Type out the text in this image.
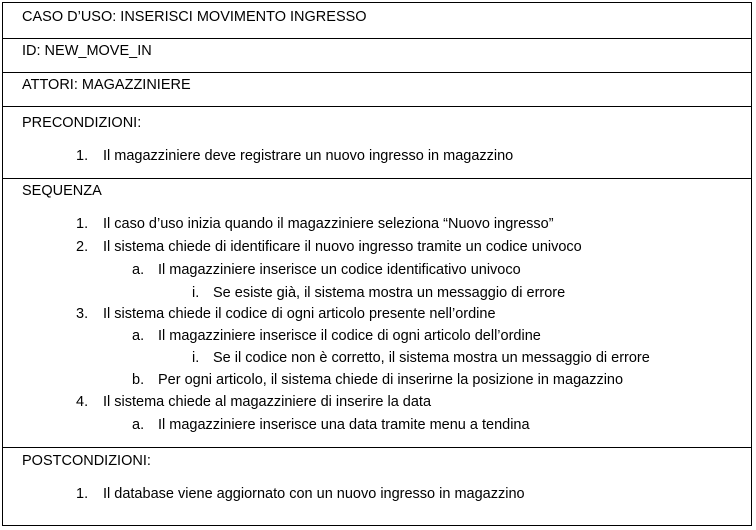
CASO D’USO: INSERISCI MOVIMENTO INGRESSO
ID: NEW_MOVE_IN
ATTORI: MAGAZZINIERE
PRECONDIZIONI:
1. Il magazziniere deve registrare un nuovo ingresso in magazzino
SEQUENZA
1. Il caso d’uso inizia quando il magazziniere seleziona “Nuovo ingresso”
2. Il sistema chiede di identificare il nuovo ingresso tramite un codice univoco
a. Il magazziniere inserisce un codice identificativo univoco
i. Se esiste già, il sistema mostra un messaggio di errore
3. Il sistema chiede il codice di ogni articolo presente nell’ordine
a. Il magazziniere inserisce il codice di ogni articolo dell’ordine
i. Se il codice non è corretto, il sistema mostra un messaggio di errore
b. Per ogni articolo, il sistema chiede di inserirne la posizione in magazzino
4. Il sistema chiede al magazziniere di inserire la data
a. Il magazziniere inserisce una data tramite menu a tendina
POSTCONDIZIONI:
1. Il database viene aggiornato con un nuovo ingresso in magazzino
